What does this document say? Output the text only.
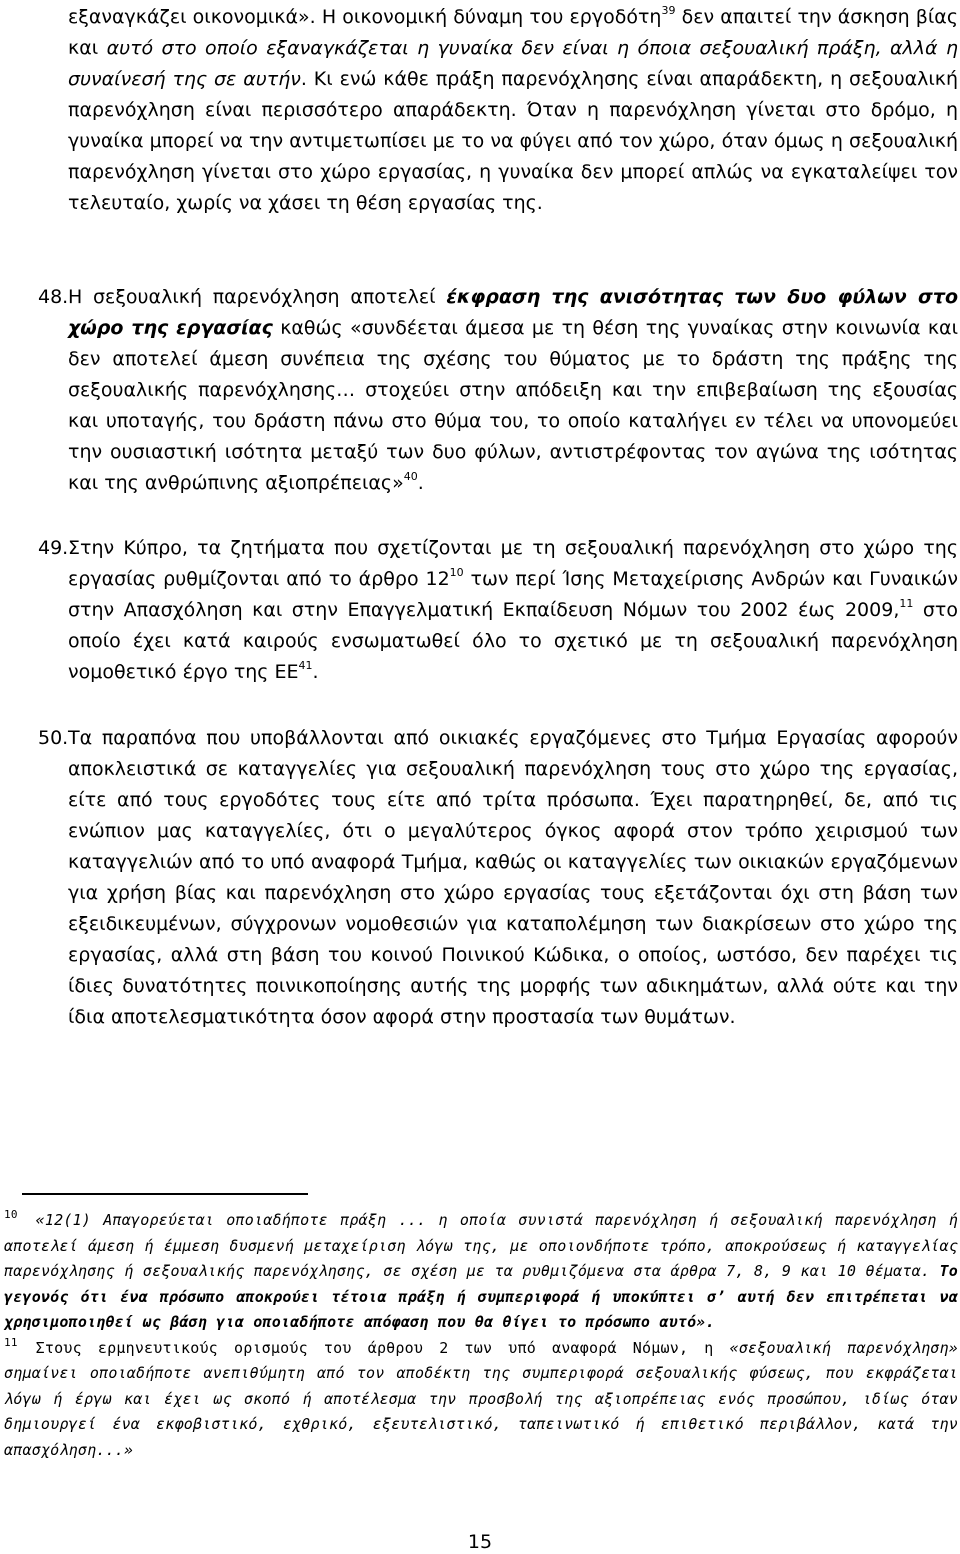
εξαναγκάζει οικονομικά». Η οικονομική δύναμη του εργοδότη$^{39}$ δεν απαιτεί την άσκηση βίας και αυτό στο οποίο εξαναγκάζεται η γυναίκα δεν είναι η όποια σεξουαλική πράξη, αλλά η συναίνεσή της σε αυτήν. Κι ενώ κάθε πράξη παρενόχλησης είναι απαράδεκτη, η σεξουαλική παρενόχληση είναι περισσότερο απαράδεκτη. Όταν η παρενόχληση γίνεται στο δρόμο, η γυναίκα μπορεί να την αντιμετωπίσει με το να φύγει από τον χώρο, όταν όμως η σεξουαλική παρενόχληση γίνεται στο χώρο εργασίας, η γυναίκα δεν μπορεί απλώς να εγκαταλείψει τον τελευταίο, χωρίς να χάσει τη θέση εργασίας της.

48. Η σεξουαλική παρενόχληση αποτελεί έκφραση της ανισότητας των δυο φύλων στο χώρο της εργασίας καθώς «συνδέεται άμεσα με τη θέση της γυναίκας στην κοινωνία και δεν αποτελεί άμεση συνέπεια της σχέσης του θύματος με το δράστη της πράξης της σεξουαλικής παρενόχλησης… στοχεύει στην απόδειξη και την επιβεβαίωση της εξουσίας και υποταγής, του δράστη πάνω στο θύμα του, το οποίο καταλήγει εν τέλει να υπονομεύει την ουσιαστική ισότητα μεταξύ των δυο φύλων, αντιστρέφοντας τον αγώνα της ισότητας και της ανθρώπινης αξιοπρέπειας»$^{40}$.

49. Στην Κύπρο, τα ζητήματα που σχετίζονται με τη σεξουαλική παρενόχληση στο χώρο της εργασίας ρυθμίζονται από το άρθρο $12^{10}$ των περί Ίσης Μεταχείρισης Ανδρών και Γυναικών στην Απασχόληση και στην Επαγγελματική Εκπαίδευση Νόμων του 2002 έως 2009,11 στο οποίο έχει κατά καιρούς ενσωματωθεί όλο το σχετικό με τη σεξουαλική παρενόχληση νομοθετικό έργο της ΕΕ$^{41}$.

50. Τα παραπόνα που υποβάλλονται από οικιακές εργαζόμενες στο Τμήμα Εργασίας αφορούν αποκλειστικά σε καταγγελίες για σεξουαλική παρενόχληση τους στο χώρο της εργασίας, είτε από τους εργοδότες τους είτε από τρίτα πρόσωπα. Έχει παρατηρηθεί, δε, από τις ενώπιον μας καταγγελίες, ότι ο μεγαλύτερος όγκος αφορά στον τρόπο χειρισμού των καταγγελιών από το υπό αναφορά Τμήμα, καθώς οι καταγγελίες των οικιακών εργαζόμενων για χρήση βίας και παρενόχληση στο χώρο εργασίας τους εξετάζονται όχι στη βάση των εξειδικευμένων, σύγχρονων νομοθεσιών για καταπολέμηση των διακρίσεων στο χώρο της εργασίας, αλλά στη βάση του κοινού Ποινικού Κώδικα, ο οποίος, ωστόσο, δεν παρέχει τις ίδιες δυνατότητες ποινικοποίησης αυτής της μορφής των αδικημάτων, αλλά ούτε και την ίδια αποτελεσματικότητα όσον αφορά στην προστασία των θυμάτων.

$^{10}$ «12(1) Απαγορεύεται οποιαδήποτε πράξη ... η οποία συνιστά παρενόχληση ή σεξουαλική παρενόχληση ή αποτελεί άμεση ή έμμεση δυσμενή μεταχείριση λόγω της, με οποιονδήποτε τρόπο, αποκρούσεως ή καταγγελίας παρενόχλησης ή σεξουαλικής παρενόχλησης, σε σχέση με τα ρυθμιζόμενα στα άρθρα 7, 8, 9 και 10 θέματα. Το γεγονός ότι ένα πρόσωπο αποκρούει τέτοια πράξη ή συμπεριφορά ή υποκύπτει σ’ αυτή δεν επιτρέπεται να χρησιμοποιηθεί ως βάση για οποιαδήποτε απόφαση που θα θίγει το πρόσωπο αυτό».

$^{11}$ Στους ερμηνευτικούς ορισμούς του άρθρου 2 των υπό αναφορά Νόμων, η «σεξουαλική παρενόχληση» σημαίνει οποιαδήποτε ανεπιθύμητη από τον αποδέκτη της συμπεριφορά σεξουαλικής φύσεως, που εκφράζεται λόγω ή έργω και έχει ως σκοπό ή αποτέλεσμα την προσβολή της αξιοπρέπειας ενός προσώπου, ιδίως όταν δημιουργεί ένα εκφοβιστικό, εχθρικό, εξευτελιστικό, ταπεινωτικό ή επιθετικό περιβάλλον, κατά την απασχόληση...»

15
